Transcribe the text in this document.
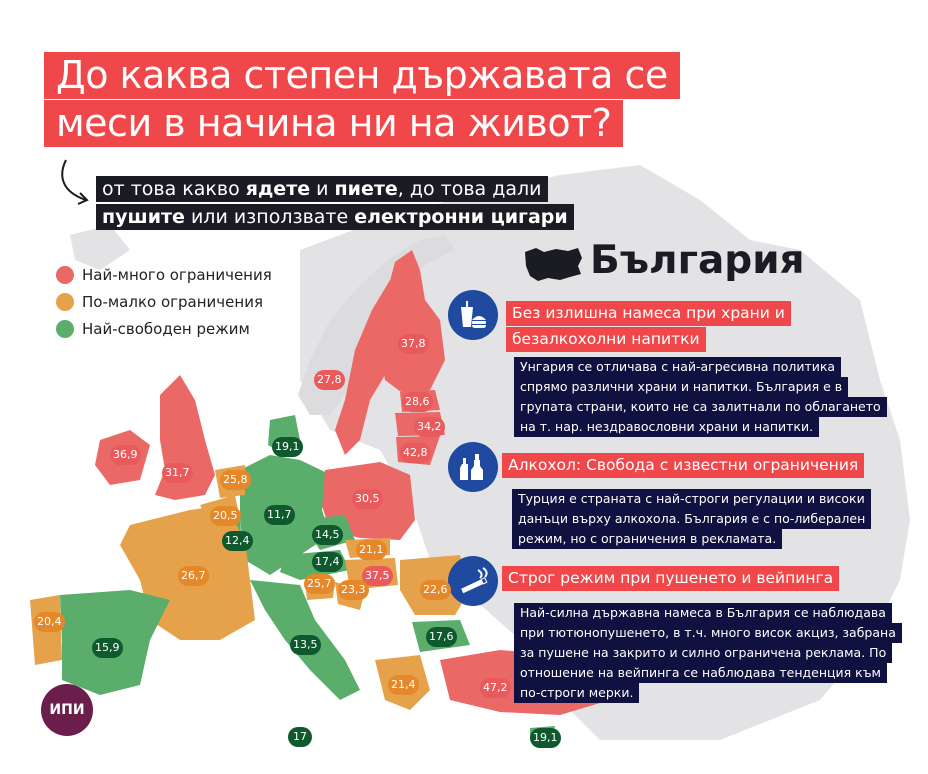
До каква степен държавата се
меси в начина ни на живот?
от това какво ядете и пиете, до това дали
пушите или използвате електронни цигари
Най-много ограничения
По-малко ограничения
Най-свободен режим
България
Без излишна намеса при храни и
безалкохолни напитки
Унгария се отличава с най-агресивна политика
спрямо различни храни и напитки. България е в
групата страни, които не са залитнали по облагането
на т. нар. нездравословни храни и напитки.
Алкохол: Свобода с известни ограничения
Турция е страната с най-строги регулации и високи
данъци върху алкохола. България е с по-либерален
режим, но с ограничения в рекламата.
Строг режим при пушенето и вейпинга
Най-силна държавна намеса в България се наблюдава
при тютюнопушенето, в т.ч. много висок акциз, забрана
за пушене на закрито и силно ограничена реклама. По
отношение на вейпинга се наблюдава тенденция към
по-строги мерки.
37,8
27,8
28,6
34,2
42,8
19,1
36,9
31,7
25,8
20,5
12,4
11,7
30,5
14,5
21,1
17,4
37,5
25,7 23,3	22,6
26,7
20,4
15,9	13,5
17,6
21,4	47,2
17	19,1
ИПИ
